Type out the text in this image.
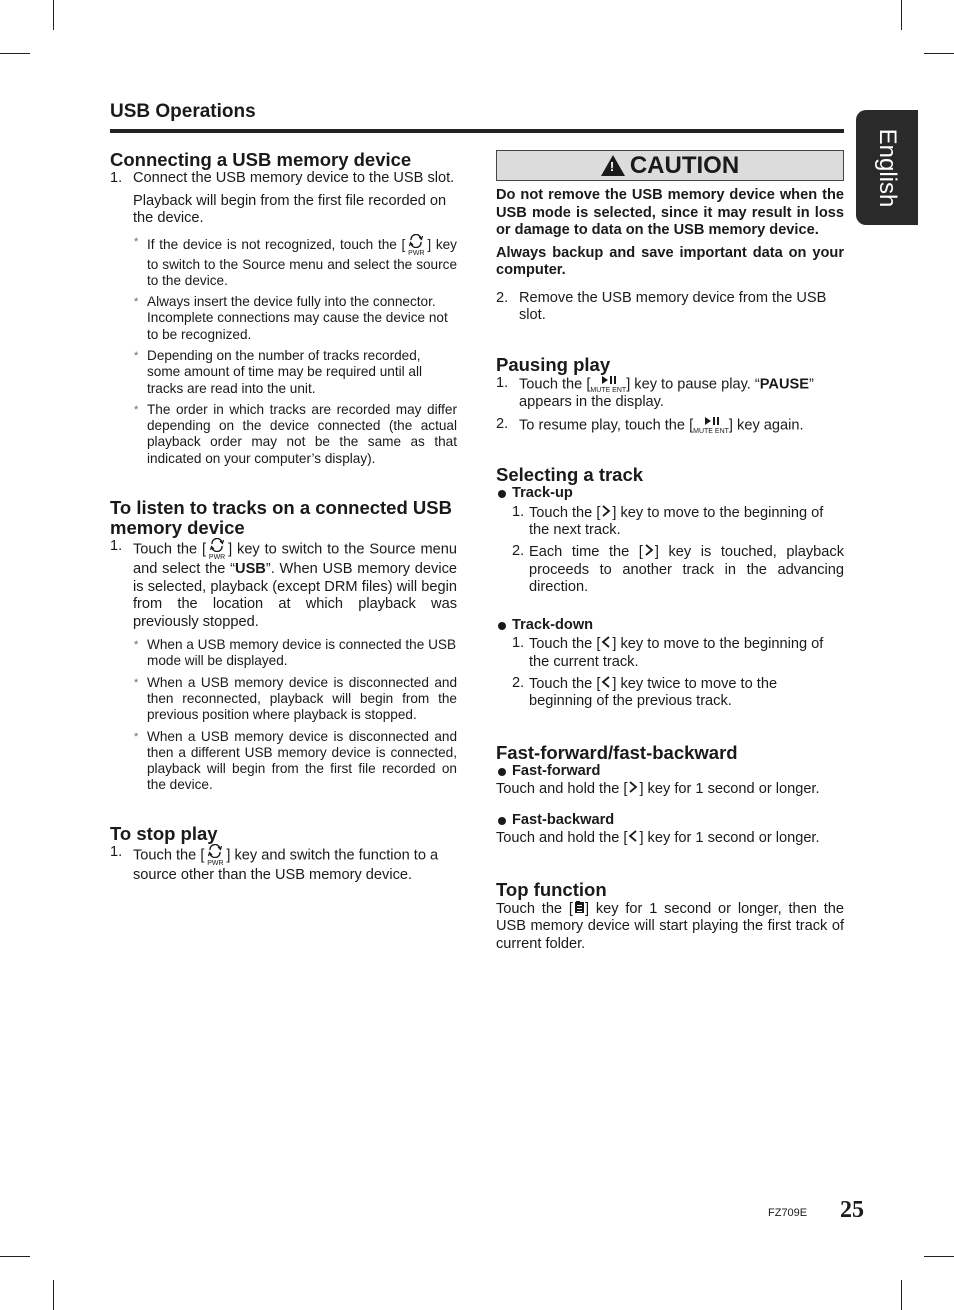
USB Operations
English
Connecting a USB memory device

1. Connect the USB memory device to the USB slot.

Playback will begin from the first file recorded on the device.

* If the device is not recognized, touch the [
PWR] key to switch to the Source menu and select the source to the device.

* Always insert the device fully into the connector. Incomplete connections may cause the device not to be recognized.

* Depending on the number of tracks recorded, some amount of time may be required until all tracks are read into the unit.

* The order in which tracks are recorded may differ depending on the device connected (the actual playback order may not be the same as that indicated on your computer’s display).

To listen to tracks on a connected USB memory device

1. Touch the [
PWR] key to switch to the Source menu and select the “USB”. When USB memory device is selected, playback (except DRM files) will begin from the location at which playback was previously stopped.

* When a USB memory device is connected the USB mode will be displayed.

* When a USB memory device is disconnected and then reconnected, playback will begin from the previous position where playback is stopped.

* When a USB memory device is disconnected and then a different USB memory device is connected, playback will begin from the first file recorded on the device.

To stop play

1. Touch the [
PWR] key and switch the function to a source other than the USB memory device.

! CAUTION

Do not remove the USB memory device when the USB mode is selected, since it may result in loss or damage to data on the USB memory device.

Always backup and save important data on your computer.

2. Remove the USB memory device from the USB slot.

Pausing play

1. Touch the [
MUTE ENT] key to pause play. “PAUSE” appears in the display.

2. To resume play, touch the [
MUTE ENT] key again.

Selecting a track

Track-up

1. Touch the [ ] key to move to the beginning of the next track.

2. Each time the [ ] key is touched, playback proceeds to another track in the advancing direction.

Track-down

1. Touch the [ ] key to move to the beginning of the current track.

2. Touch the [ ] key twice to move to the beginning of the previous track.

Fast-forward/fast-backward

Fast-forward

Touch and hold the [ ] key for 1 second or longer.

Fast-backward

Touch and hold the [ ] key for 1 second or longer.

Top function

Touch the [ ] key for 1 second or longer, then the USB memory device will start playing the first track of current folder.

FZ709E 25
